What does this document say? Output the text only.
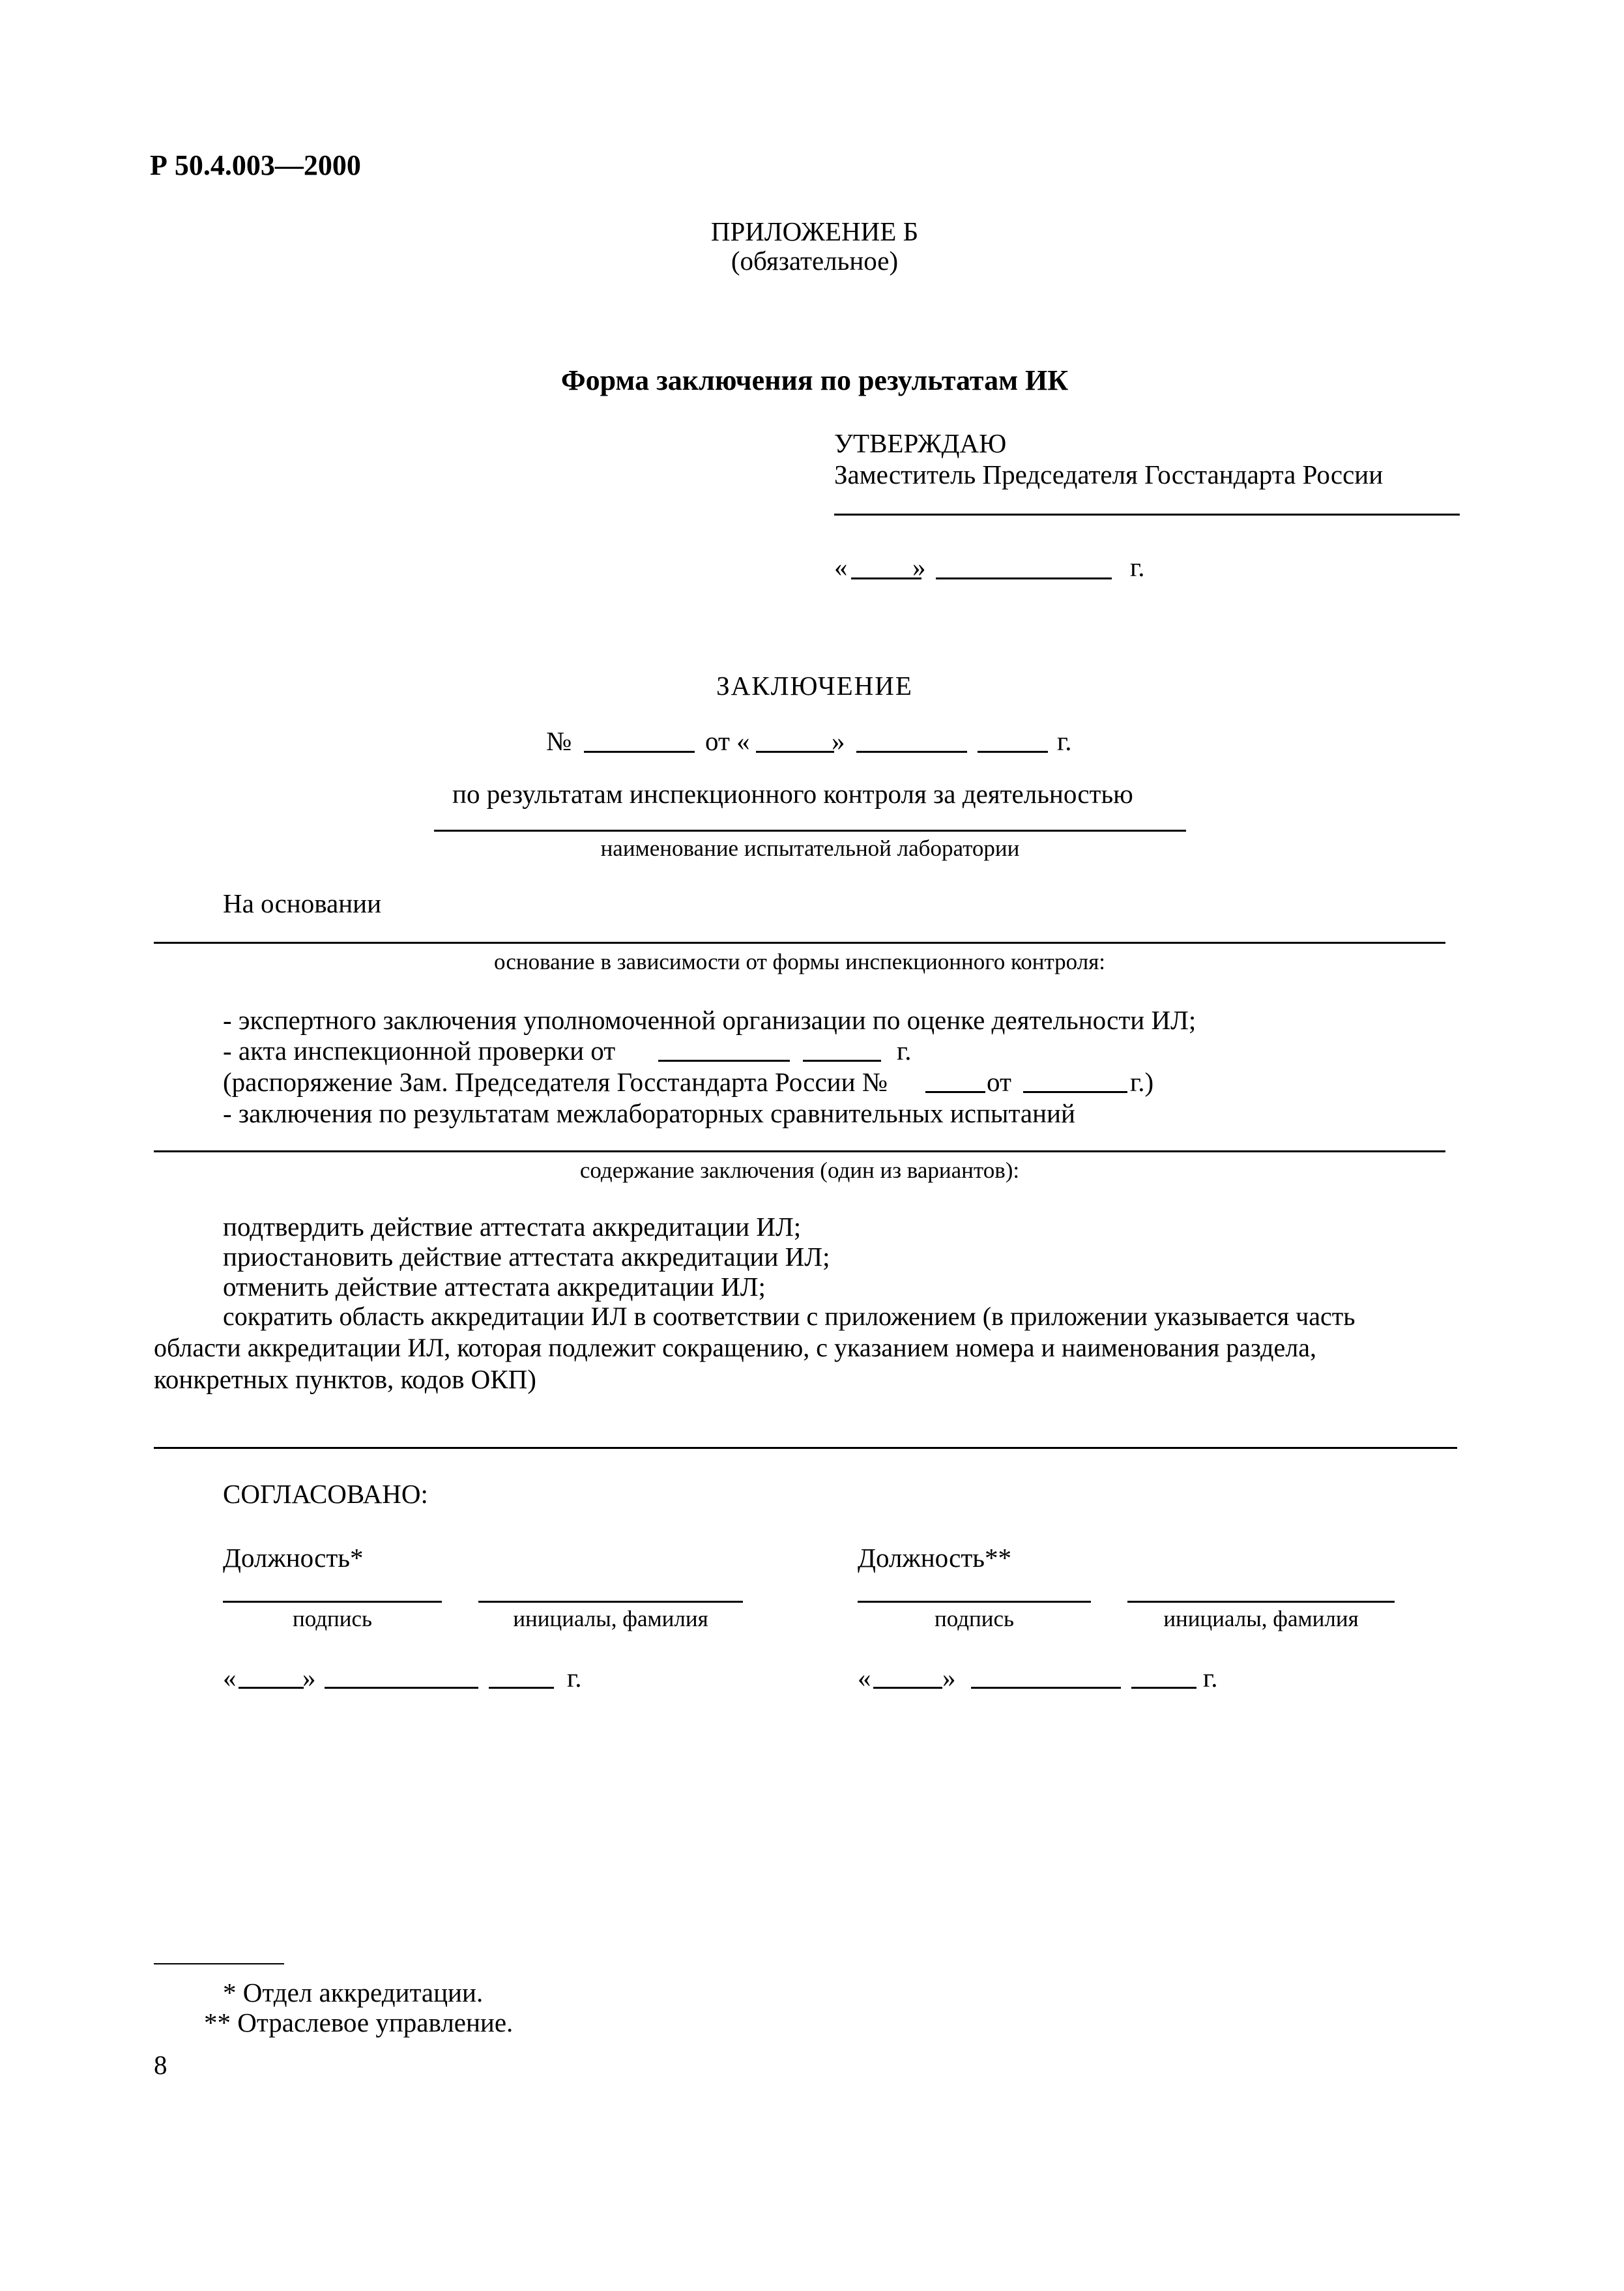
Р 50.4.003—2000
ПРИЛОЖЕНИЕ Б
(обязательное)
Форма заключения по результатам ИК
УТВЕРЖДАЮ
Заместитель Председателя Госстандарта России
« »	г.
ЗАКЛЮЧЕНИЕ
№	от «	»	г.
по результатам инспекционного контроля за деятельностью
наименование испытательной лаборатории
На основании
основание в зависимости от формы инспекционного контроля:
- экспертного заключения уполномоченной организации по оценке деятельности ИЛ;
- акта инспекционной проверки от	г.
(распоряжение Зам. Председателя Госстандарта России №	от	г.)
- заключения по результатам межлабораторных сравнительных испытаний
содержание заключения (один из вариантов):
подтвердить действие аттестата аккредитации ИЛ;
приостановить действие аттестата аккредитации ИЛ;
отменить действие аттестата аккредитации ИЛ;
сократить область аккредитации ИЛ в соответствии с приложением (в приложении указывается часть
области аккредитации ИЛ, которая подлежит сокращению, с указанием номера и наименования раздела,
конкретных пунктов, кодов ОКП)
СОГЛАСОВАНО:
Должность*
подпись	инициалы, фамилия
« »	г.
Должность**
подпись	инициалы, фамилия
«	»	г.
* Отдел аккредитации.
** Отраслевое управление.
8
